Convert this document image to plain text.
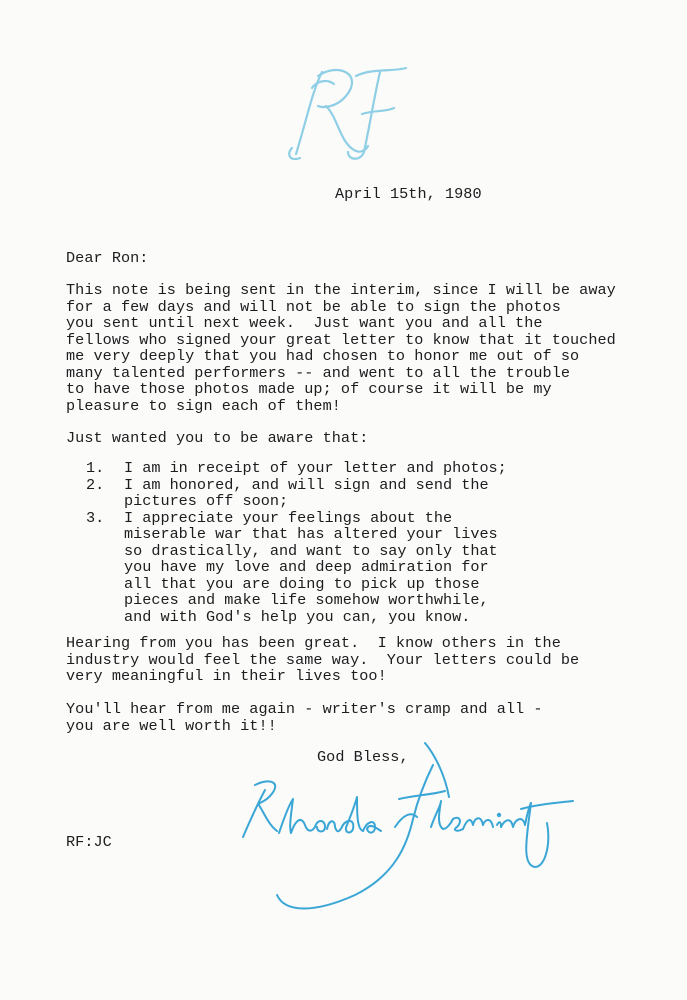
April 15th, 1980
Dear Ron:
This note is being sent in the interim, since I will be away
for a few days and will not be able to sign the photos
you sent until next week.  Just want you and all the
fellows who signed your great letter to know that it touched
me very deeply that you had chosen to honor me out of so
many talented performers -- and went to all the trouble
to have those photos made up; of course it will be my
pleasure to sign each of them!
Just wanted you to be aware that:

1.

	I am in receipt of your letter and photos;

2.

	I am honored, and will sign and send the
pictures off soon;

3.

	I appreciate your feelings about the
miserable war that has altered your lives
so drastically, and want to say only that
you have my love and deep admiration for
all that you are doing to pick up those
pieces and make life somehow worthwhile,
and with God's help you can, you know.

Hearing from you has been great.  I know others in the
industry would feel the same way.  Your letters could be
very meaningful in their lives too!
You'll hear from me again - writer's cramp and all -
you are well worth it!!
God Bless,
RF:JC
